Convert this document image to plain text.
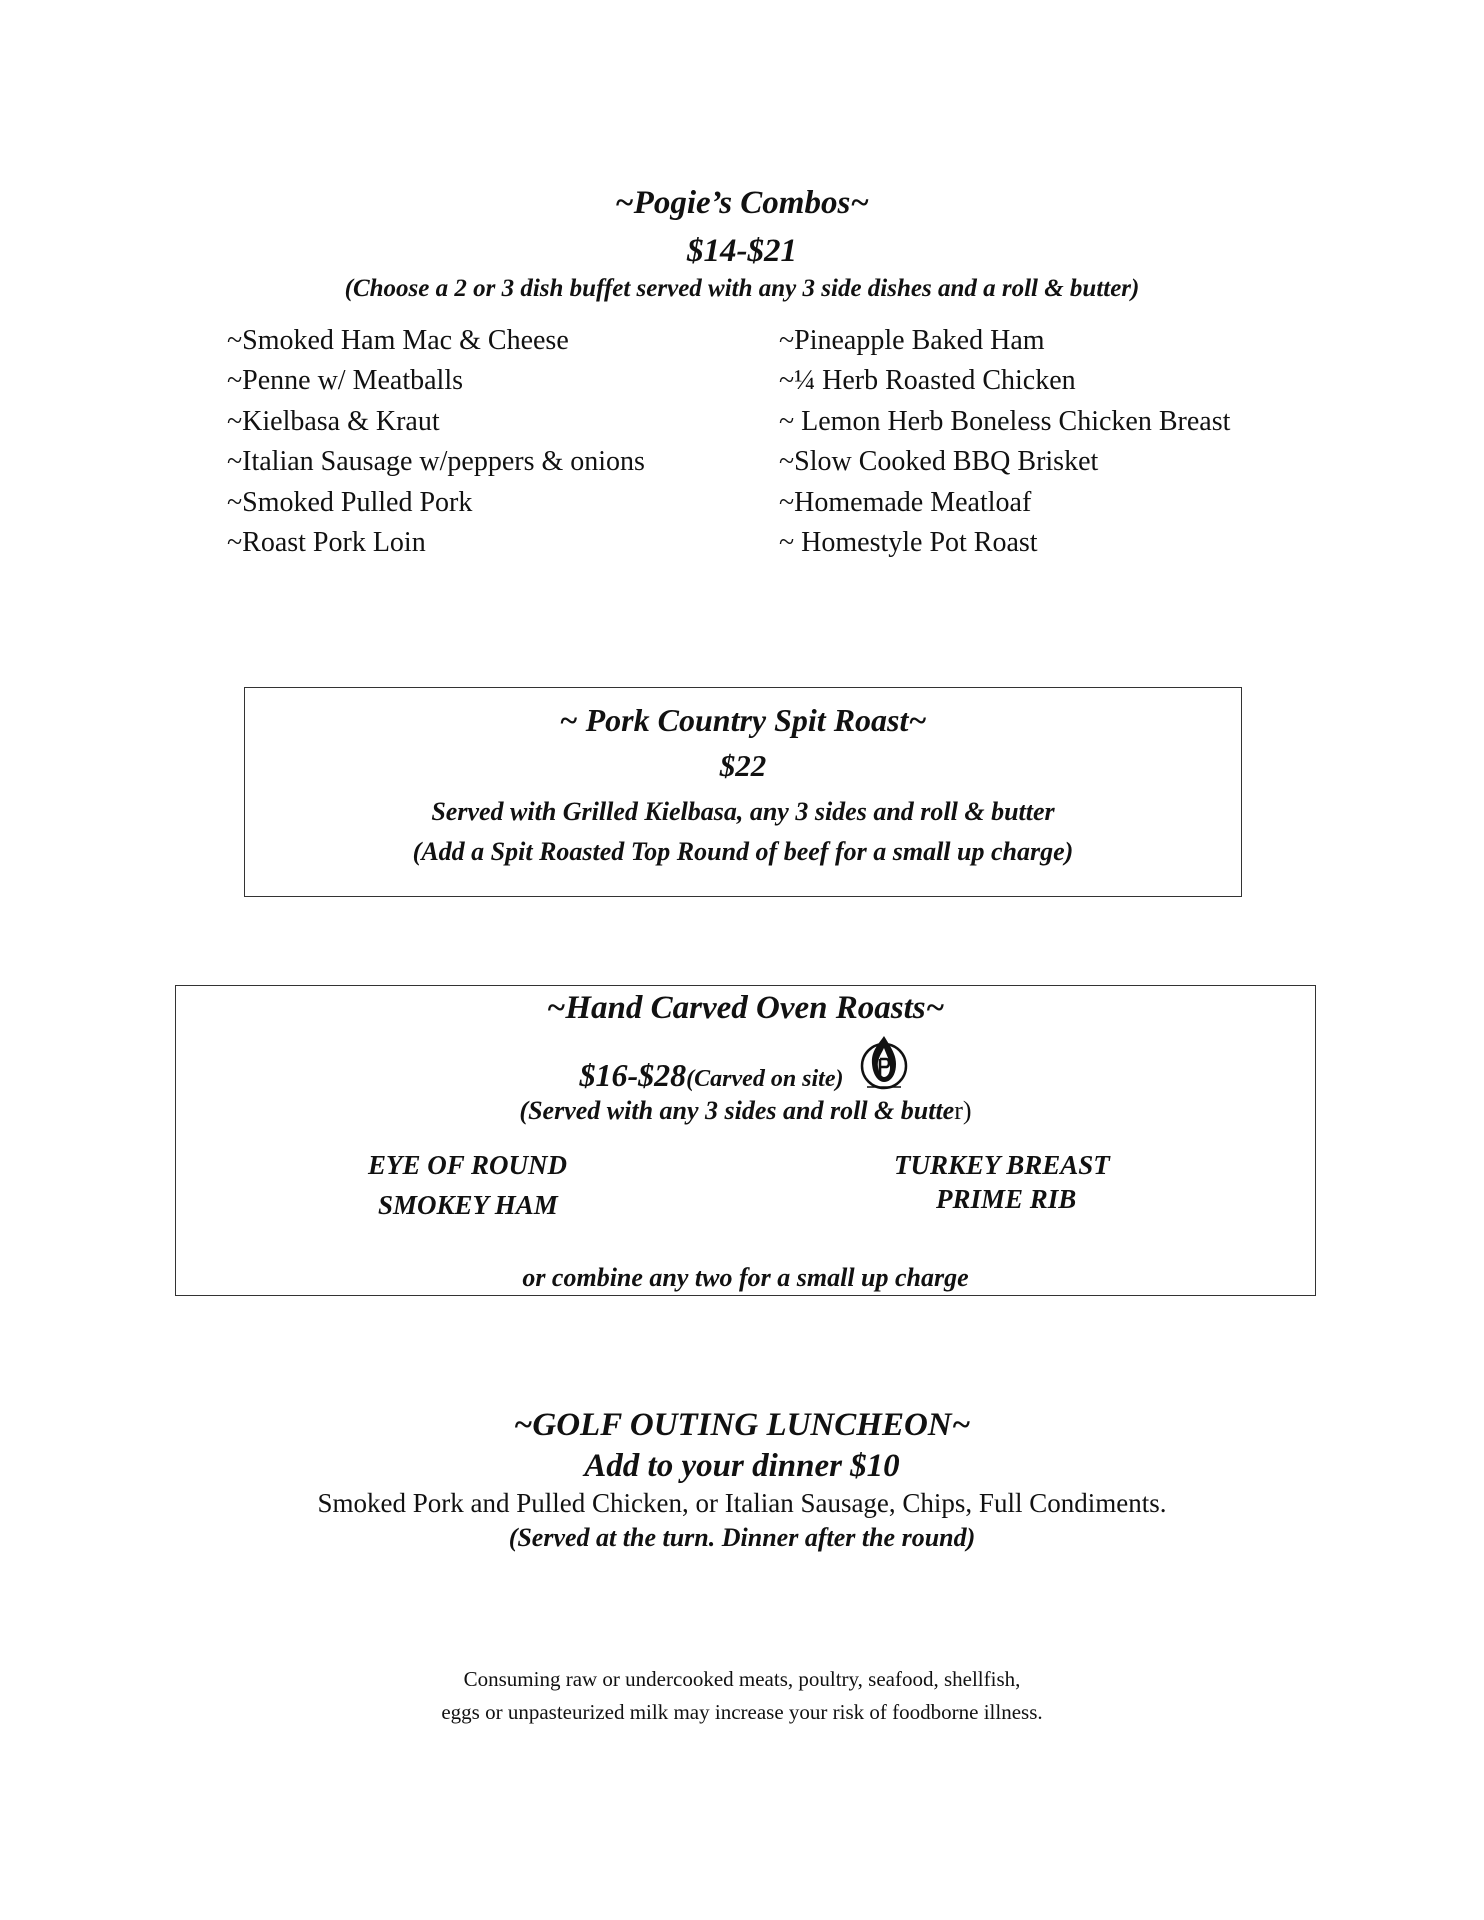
~Pogie’s Combos~
$14-$21
(Choose a 2 or 3 dish buffet served with any 3 side dishes and a roll & butter)
~Smoked Ham Mac & Cheese
~Penne w/ Meatballs
~Kielbasa & Kraut
~Italian Sausage w/peppers & onions
~Smoked Pulled Pork
~Roast Pork Loin
~Pineapple Baked Ham
~¼ Herb Roasted Chicken
~ Lemon Herb Boneless Chicken Breast
~Slow Cooked BBQ Brisket
~Homemade Meatloaf
~ Homestyle Pot Roast
~ Pork Country Spit Roast~
$22
Served with Grilled Kielbasa, any 3 sides and roll & butter
(Add a Spit Roasted Top Round of beef for a small up charge)
~Hand Carved Oven Roasts~
$16-$28(Carved on site)
(Served with any 3 sides and roll & butter)
EYE OF ROUND
SMOKEY HAM
TURKEY BREAST
PRIME RIB
or combine any two for a small up charge
~GOLF OUTING LUNCHEON~
Add to your dinner $10
Smoked Pork and Pulled Chicken, or Italian Sausage, Chips, Full Condiments.
(Served at the turn. Dinner after the round)
Consuming raw or undercooked meats, poultry, seafood, shellfish,
eggs or unpasteurized milk may increase your risk of foodborne illness.
